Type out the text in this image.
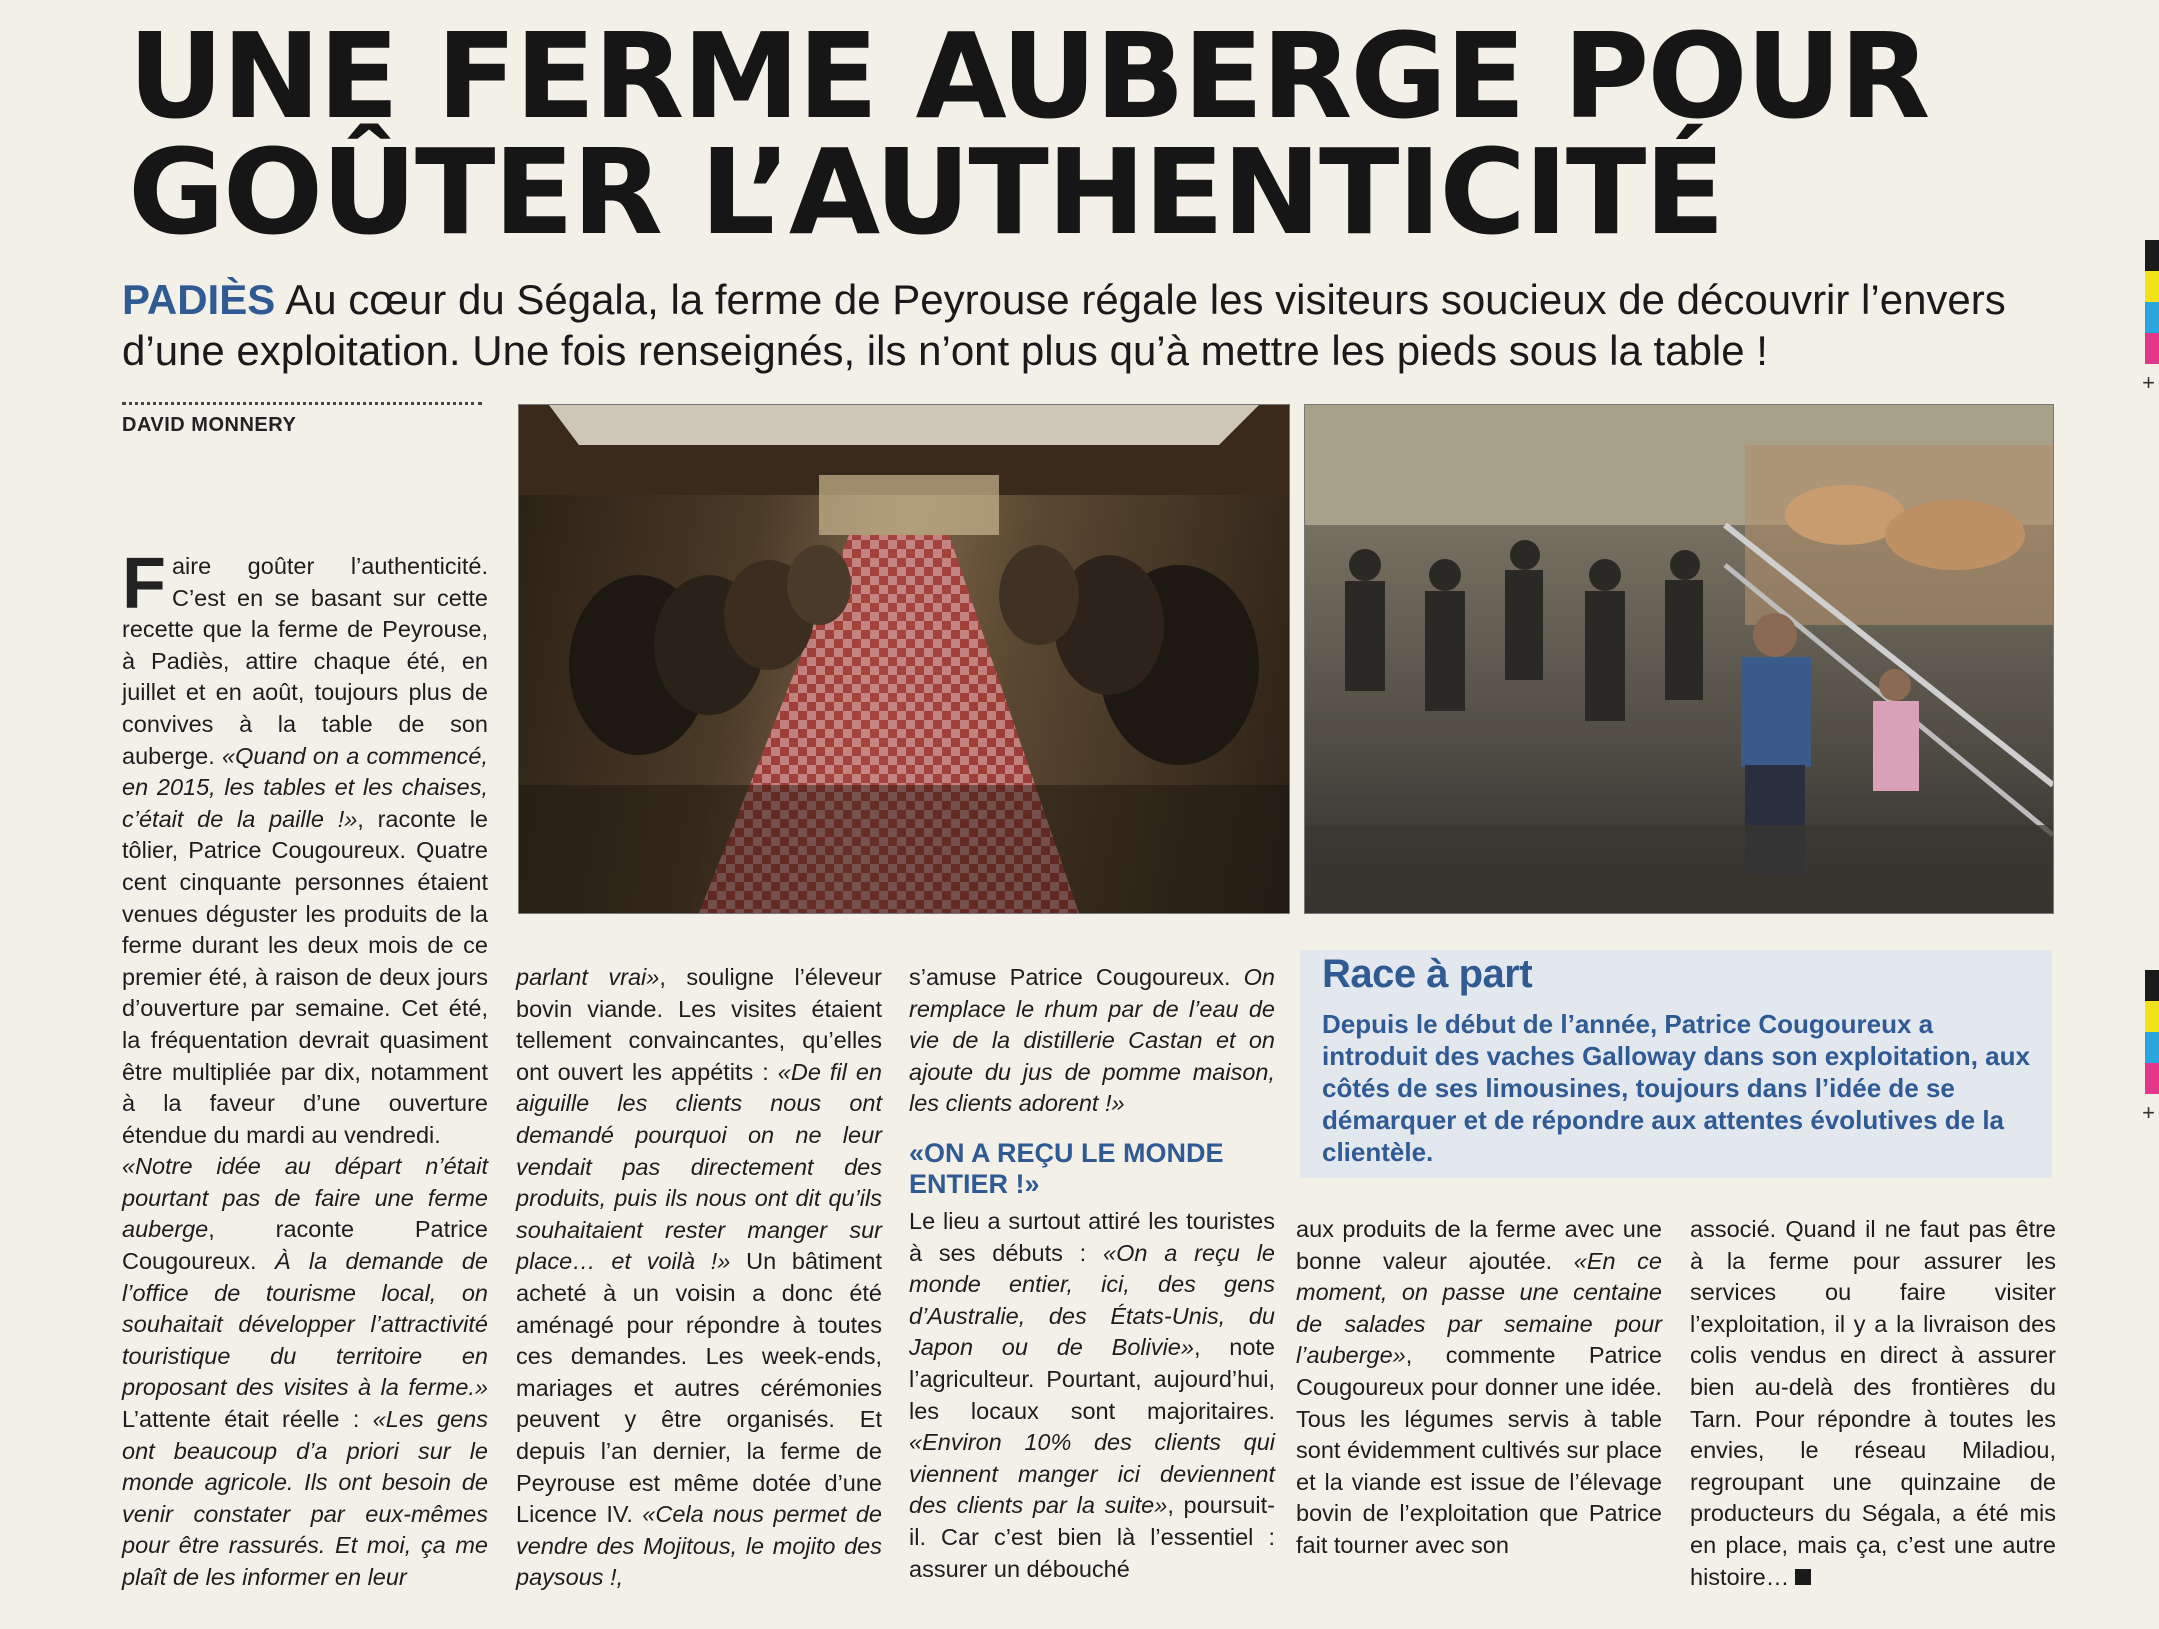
UNE FERME AUBERGE POUR
GOÛTER L’AUTHENTICITÉ

PADIÈS Au cœur du Ségala, la ferme de Peyrouse régale les visiteurs soucieux de découvrir l’envers d’une exploitation. Une fois renseignés, ils n’ont plus qu’à mettre les pieds sous la table !

DAVID MONNERY
Race à part

Depuis le début de l’année, Patrice Cougoureux a introduit des vaches Galloway dans son exploitation, aux côtés de ses limousines, toujours dans l’idée de se démarquer et de répondre aux attentes évolutives de la clientèle.

Faire goûter l’authenticité. C’est en se basant sur cette recette que la ferme de Peyrouse, à Padiès, attire chaque été, en juillet et en août, toujours plus de convives à la table de son auberge. «Quand on a commencé, en 2015, les tables et les chaises, c’était de la paille !», raconte le tôlier, Patrice Cougoureux. Quatre cent cinquante personnes étaient venues déguster les produits de la ferme durant les deux mois de ce premier été, à raison de deux jours d’ouverture par semaine. Cet été, la fréquentation devrait quasiment être multipliée par dix, notamment à la faveur d’une ouverture étendue du mardi au vendredi.

«Notre idée au départ n’était pourtant pas de faire une ferme auberge, raconte Patrice Cougoureux. À la demande de l’office de tourisme local, on souhaitait développer l’attractivité touristique du territoire en proposant des visites à la ferme.» L’attente était réelle : «Les gens ont beaucoup d’a priori sur le monde agricole. Ils ont besoin de venir constater par eux-mêmes pour être rassurés. Et moi, ça me plaît de les informer en leur

parlant vrai», souligne l’éleveur bovin viande. Les visites étaient tellement convaincantes, qu’elles ont ouvert les appétits : «De fil en aiguille les clients nous ont demandé pourquoi on ne leur vendait pas directement des produits, puis ils nous ont dit qu’ils souhaitaient rester manger sur place… et voilà !» Un bâtiment acheté à un voisin a donc été aménagé pour répondre à toutes ces demandes. Les week-ends, mariages et autres cérémonies peuvent y être organisés. Et depuis l’an dernier, la ferme de Peyrouse est même dotée d’une Licence IV. «Cela nous permet de vendre des Mojitous, le mojito des paysous !,

s’amuse Patrice Cougoureux. On remplace le rhum par de l’eau de vie de la distillerie Castan et on ajoute du jus de pomme maison, les clients adorent !»

«ON A REÇU LE MONDE ENTIER !»

Le lieu a surtout attiré les touristes à ses débuts : «On a reçu le monde entier, ici, des gens d’Australie, des États-Unis, du Japon ou de Bolivie», note l’agriculteur. Pourtant, aujourd’hui, les locaux sont majoritaires. «Environ 10% des clients qui viennent manger ici deviennent des clients par la suite», poursuit-il. Car c’est bien là l’essentiel : assurer un débouché

aux produits de la ferme avec une bonne valeur ajoutée. «En ce moment, on passe une centaine de salades par semaine pour l’auberge», commente Patrice Cougoureux pour donner une idée. Tous les légumes servis à table sont évidemment cultivés sur place et la viande est issue de l’élevage bovin de l’exploitation que Patrice fait tourner avec son

associé. Quand il ne faut pas être à la ferme pour assurer les services ou faire visiter l’exploitation, il y a la livraison des colis vendus en direct à assurer bien au-delà des frontières du Tarn. Pour répondre à toutes les envies, le réseau Miladiou, regroupant une quinzaine de producteurs du Ségala, a été mis en place, mais ça, c’est une autre histoire…

+
+
